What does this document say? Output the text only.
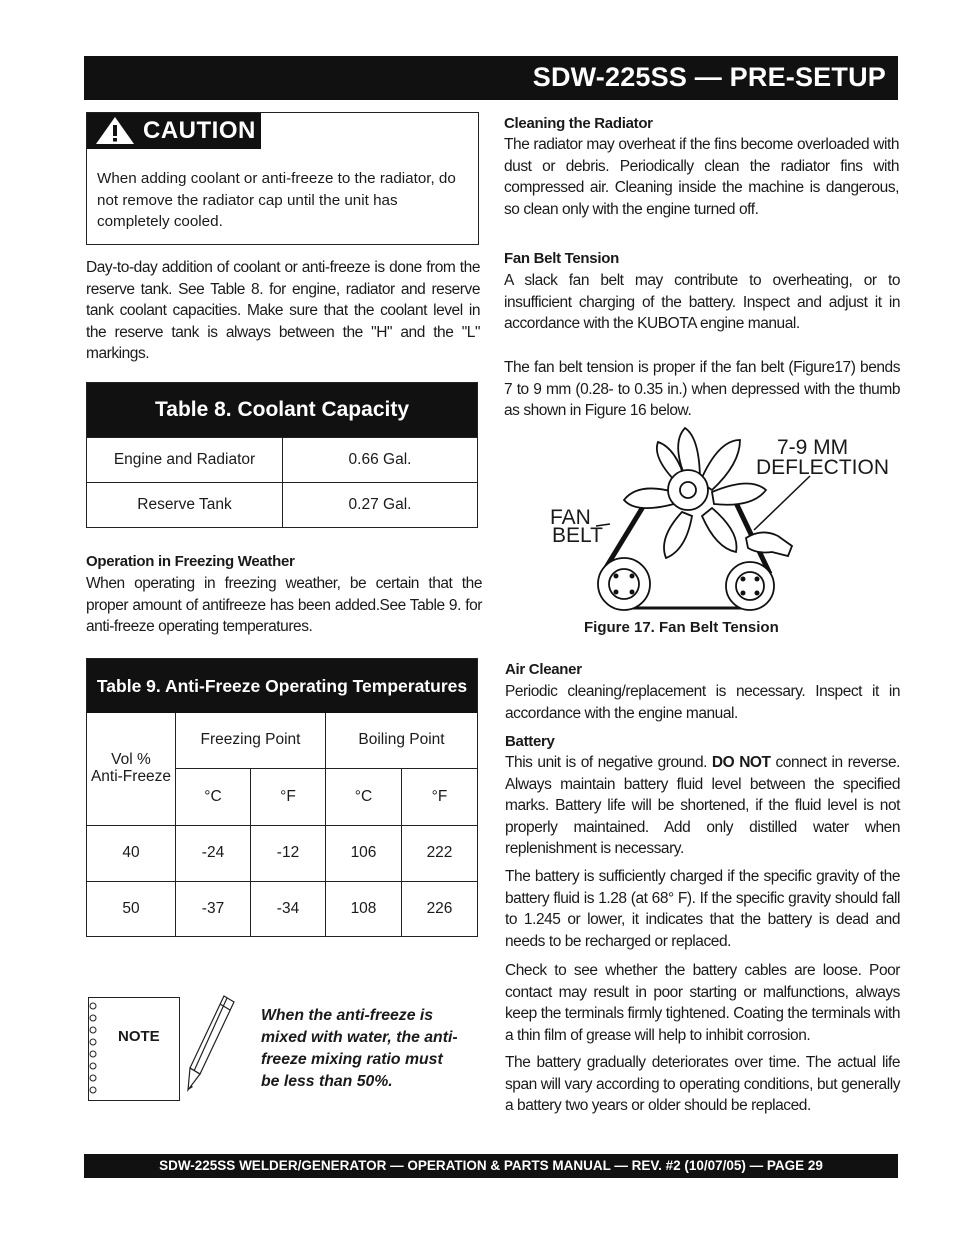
SDW-225SS — PRE-SETUP
CAUTION
When adding coolant or anti-freeze to the radiator, do not remove the radiator cap until the unit has completely cooled.
Day-to-day addition of coolant or anti-freeze is done from the reserve tank. See Table 8. for engine, radiator and reserve tank coolant capacities. Make sure that the coolant level in the reserve tank is always between the "H" and the "L" markings.
Table 8. Coolant Capacity
Engine and Radiator	0.66 Gal.
Reserve Tank	0.27 Gal.
Operation in Freezing Weather
When operating in freezing weather, be certain that the proper amount of antifreeze has been added.See Table 9. for anti-freeze operating temperatures.
Table 9. Anti-Freeze Operating Temperatures
Vol %
Anti-Freeze
Freezing Point	Boiling Point
°C	°F	°C	°F
40	-24	-12	106	222
50	-37	-34	108	226
NOTE
When the anti-freeze is mixed with water, the anti-freeze mixing ratio must be less than 50%.
Cleaning the Radiator
The radiator may overheat if the fins become overloaded with dust or debris. Periodically clean the radiator fins with compressed air. Cleaning inside the machine is dangerous, so clean only with the engine turned off.
Fan Belt Tension
A slack fan belt may contribute to overheating, or to insufficient charging of the battery. Inspect and adjust it in accordance with the KUBOTA engine manual.
The fan belt tension is proper if the fan belt (Figure17) bends 7 to 9 mm (0.28- to 0.35 in.) when depressed with the thumb as shown in Figure 16 below.
7-9 MM
DEFLECTION
FAN
BELT
Figure 17. Fan Belt Tension
Air Cleaner
Periodic cleaning/replacement is necessary. Inspect it in accordance with the engine manual.
Battery
This unit is of negative ground. DO NOT connect in reverse. Always maintain battery fluid level between the specified marks. Battery life will be shortened, if the fluid level is not properly maintained. Add only distilled water when replenishment is necessary.
The battery is sufficiently charged if the specific gravity of the battery fluid is 1.28 (at 68° F). If the specific gravity should fall to 1.245 or lower, it indicates that the battery is dead and needs to be recharged or replaced.
Check to see whether the battery cables are loose. Poor contact may result in poor starting or malfunctions, always keep the terminals firmly tightened. Coating the terminals with a thin film of grease will help to inhibit corrosion.
The battery gradually deteriorates over time. The actual life span will vary according to operating conditions, but generally a battery two years or older should be replaced.
SDW-225SS WELDER/GENERATOR — OPERATION & PARTS MANUAL — REV. #2 (10/07/05) — PAGE 29
